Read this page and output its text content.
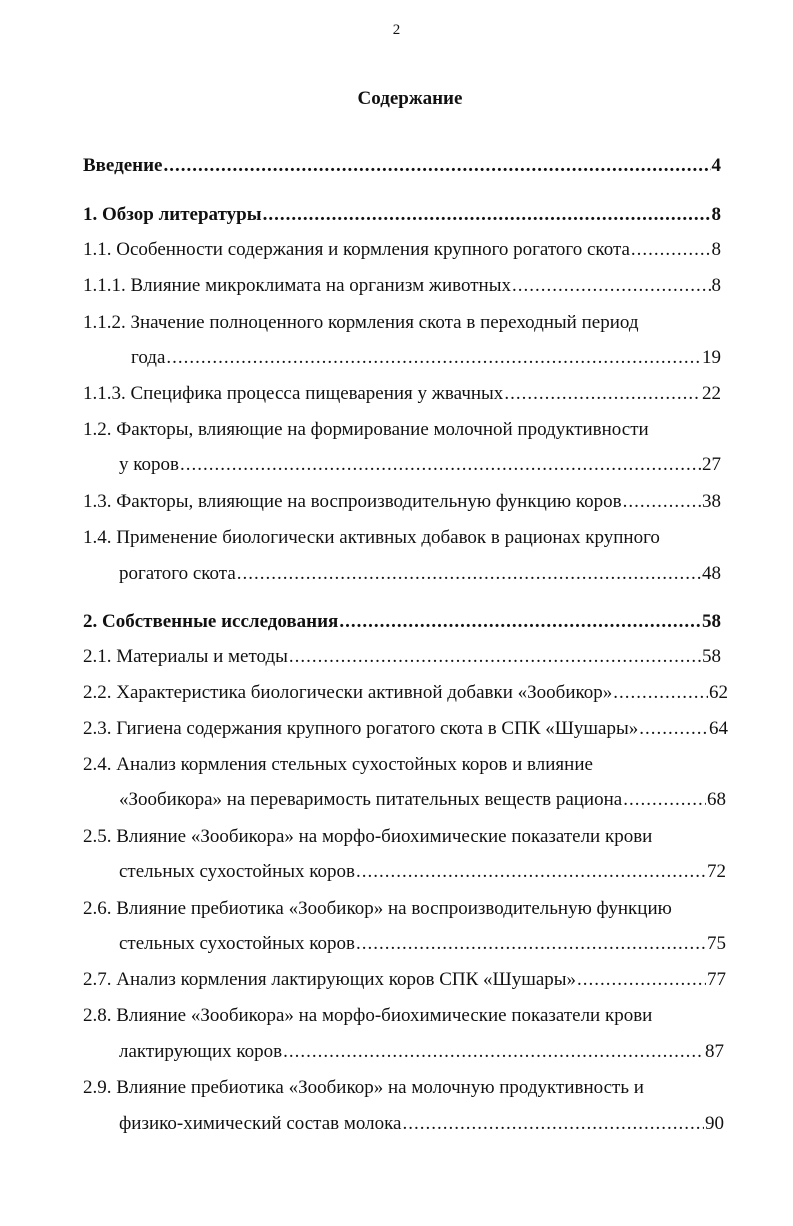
2
Содержание
Введение .....	4
1. Обзор литературы .....	8
1.1. Особенности содержания и кормления крупного рогатого скота .....	8
1.1.1. Влияние микроклимата на организм животных .....	8
1.1.2. Значение полноценного кормления скота в переходный период
года .....	19
1.1.3. Специфика процесса пищеварения у жвачных .....	22
1.2. Факторы, влияющие на формирование молочной продуктивности
у коров .....	27
1.3. Факторы, влияющие на воспроизводительную функцию коров .....	38
1.4. Применение биологически активных добавок в рационах крупного
рогатого скота .....	48
2. Собственные исследования .....	58
2.1. Материалы и методы .....	58
2.2. Характеристика биологически активной добавки «Зообикор» .....	62
2.3. Гигиена содержания крупного рогатого скота в СПК «Шушары» .....	64
2.4. Анализ кормления стельных сухостойных коров и влияние
«Зообикора» на переваримость питательных веществ рациона .....	68
2.5. Влияние «Зообикора» на морфо-биохимические показатели крови
стельных сухостойных коров .....	72
2.6. Влияние пребиотика «Зообикор» на воспроизводительную функцию
стельных сухостойных коров .....	75
2.7. Анализ кормления лактирующих коров СПК «Шушары» .....	77
2.8. Влияние «Зообикора» на морфо-биохимические показатели крови
лактирующих коров .....	87
2.9. Влияние пребиотика «Зообикор» на молочную продуктивность и
физико-химический состав молока .....	90
